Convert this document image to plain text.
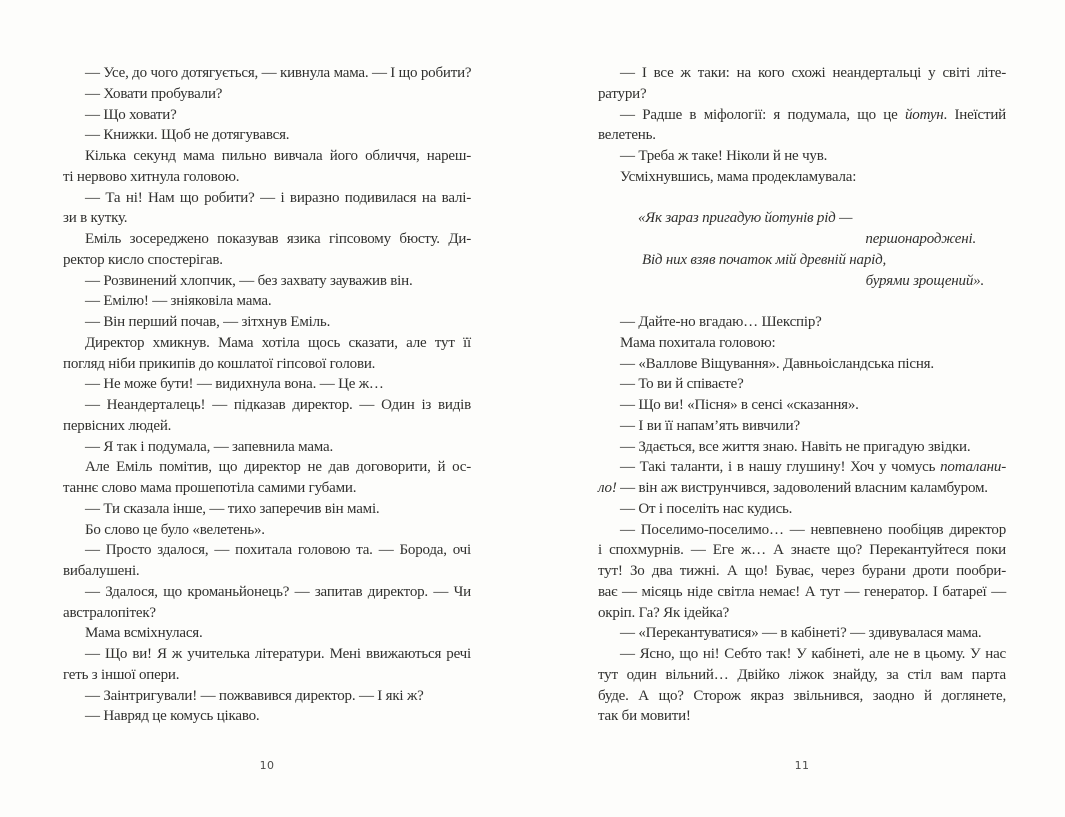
— Усе, до чого дотягується, — кивнула мама. — І що робити?
— Ховати пробували?
— Що ховати?
— Книжки. Щоб не дотягувався.
Кілька секунд мама пильно вивчала його обличчя, нареш-
ті нервово хитнула головою.
— Та ні! Нам що робити? — і виразно подивилася на валі-
зи в кутку.
Еміль зосереджено показував язика гіпсовому бюсту. Ди-
ректор кисло спостерігав.
— Розвинений хлопчик, — без захвату зауважив він.
— Емілю! — зніяковіла мама.
— Він перший почав, — зітхнув Еміль.
Директор хмикнув. Мама хотіла щось сказати, але тут її
погляд ніби прикипів до кошлатої гіпсової голови.
— Не може бути! — видихнула вона. — Це ж…
— Неандерталець! — підказав директор. — Один із видів
первісних людей.
— Я так і подумала, — запевнила мама.
Але Еміль помітив, що директор не дав договорити, й ос-
таннє слово мама прошепотіла самими губами.
— Ти сказала інше, — тихо заперечив він мамі.
Бо слово це було «велетень».
— Просто здалося, — похитала головою та. — Борода, очі
вибалушені.
— Здалося, що кроманьйонець? — запитав директор. — Чи
австралопітек?
Мама всміхнулася.
— Що ви! Я ж учителька літератури. Мені ввижаються речі
геть з іншої опери.
— Заінтригували! — пожвавився директор. — І які ж?
— Навряд це комусь цікаво.
— І все ж таки: на кого схожі неандертальці у світі літе-
ратури?
— Радше в міфології: я подумала, що це йотун. Інеїстий
велетень.
— Треба ж таке! Ніколи й не чув.
Усміхнувшись, мама продекламувала:
«Як зараз пригадую йотунів рід —
першонароджені.
Від них взяв початок мій древній нарід,
бурями зрощений».
— Дайте-но вгадаю… Шекспір?
Мама похитала головою:
— «Валлове Віщування». Давньоісландська пісня.
— То ви й співаєте?
— Що ви! «Пісня» в сенсі «сказання».
— І ви її напам’ять вивчили?
— Здається, все життя знаю. Навіть не пригадую звідки.
— Такі таланти, і в нашу глушину! Хоч у чомусь поталани-
ло! — він аж виструнчився, задоволений власним каламбуром.
— От і поселіть нас кудись.
— Поселимо-поселимо… — невпевнено пообіцяв директор
і спохмурнів. — Еге ж… А знаєте що? Перекантуйтеся поки
тут! Зо два тижні. А що! Буває, через бурани дроти пообри-
ває — місяць ніде світла немає! А тут — генератор. І батареї —
окріп. Га? Як ідейка?
— «Перекантуватися» — в кабінеті? — здивувалася мама.
— Ясно, що ні! Себто так! У кабінеті, але не в цьому. У нас
тут один вільний… Двійко ліжок знайду, за стіл вам парта
буде. А що? Сторож якраз звільнився, заодно й доглянете,
так би мовити!
10	11
